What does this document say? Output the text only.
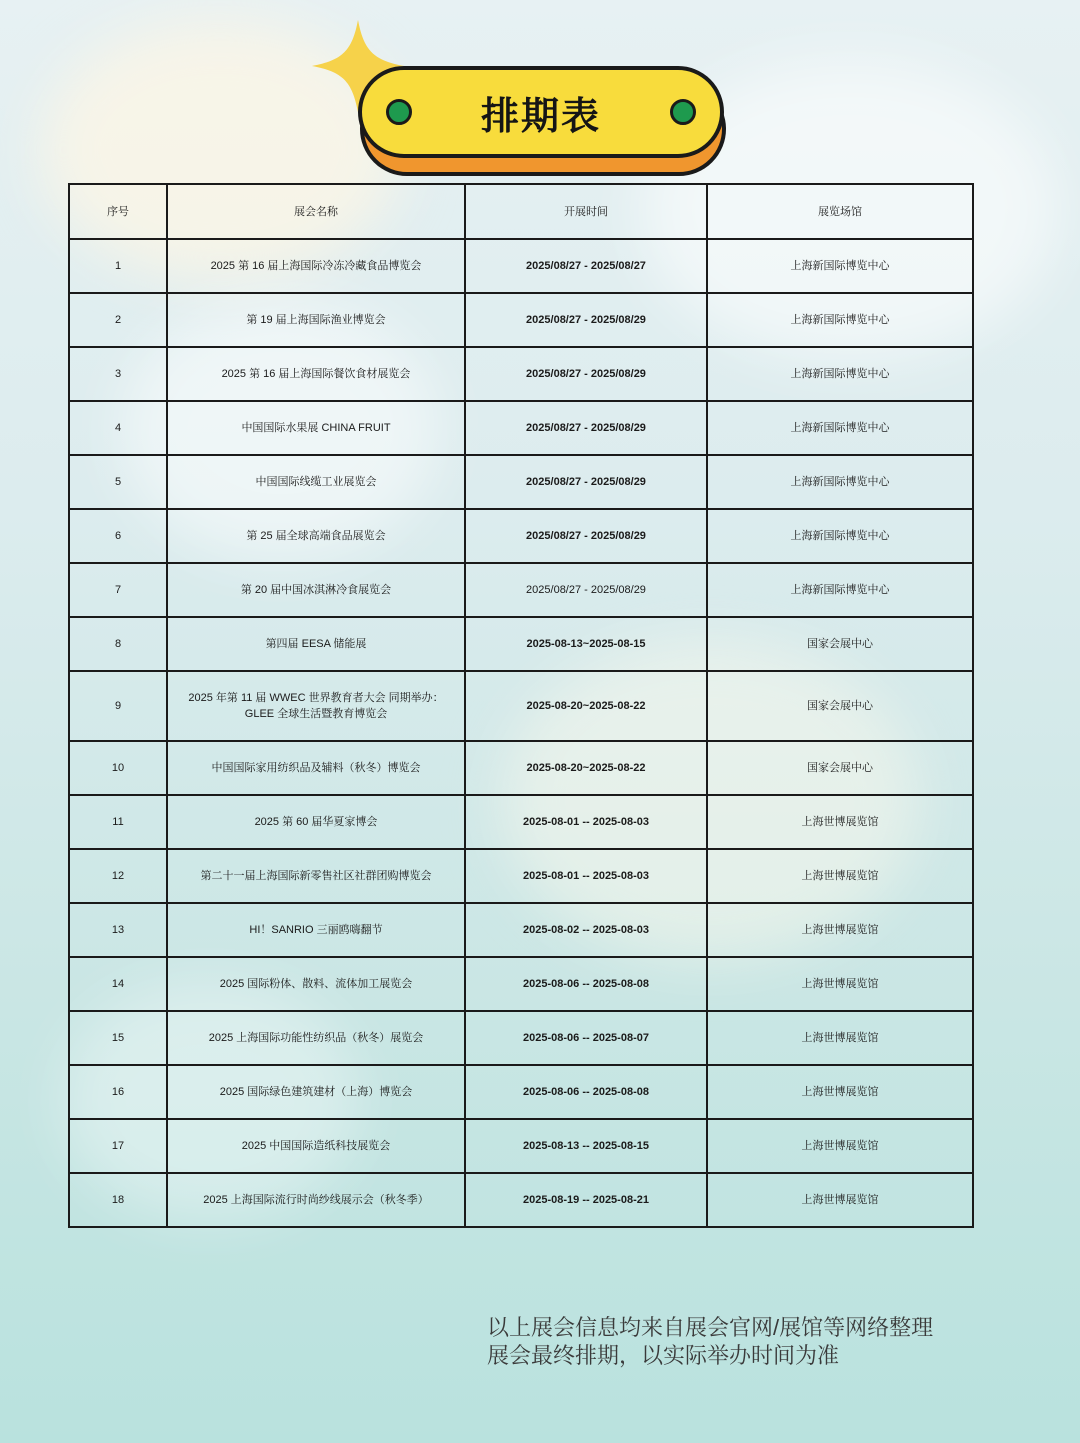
排期表
序号	展会名称	开展时间	展览场馆
1	2025 第 16 届上海国际冷冻冷藏食品博览会	2025/08/27 - 2025/08/27	上海新国际博览中心
2	第 19 届上海国际渔业博览会	2025/08/27 - 2025/08/29	上海新国际博览中心
3	2025 第 16 届上海国际餐饮食材展览会	2025/08/27 - 2025/08/29	上海新国际博览中心
4	中国国际水果展 CHINA FRUIT	2025/08/27 - 2025/08/29	上海新国际博览中心
5	中国国际线缆工业展览会	2025/08/27 - 2025/08/29	上海新国际博览中心
6	第 25 届全球高端食品展览会	2025/08/27 - 2025/08/29	上海新国际博览中心
7	第 20 届中国冰淇淋冷食展览会	2025/08/27 - 2025/08/29	上海新国际博览中心
8	第四届 EESA 储能展	2025-08-13~2025-08-15	国家会展中心
9	2025 年第 11 届 WWEC 世界教育者大会 同期举办：GLEE 全球生活暨教育博览会	2025-08-20~2025-08-22	国家会展中心
10	中国国际家用纺织品及辅料（秋冬）博览会	2025-08-20~2025-08-22	国家会展中心
11	2025 第 60 届华夏家博会	2025-08-01 -- 2025-08-03	上海世博展览馆
12	第二十一届上海国际新零售社区社群团购博览会	2025-08-01 -- 2025-08-03	上海世博展览馆
13	HI！SANRIO 三丽鸥嗨翻节	2025-08-02 -- 2025-08-03	上海世博展览馆
14	2025 国际粉体、散料、流体加工展览会	2025-08-06 -- 2025-08-08	上海世博展览馆
15	2025 上海国际功能性纺织品（秋冬）展览会	2025-08-06 -- 2025-08-07	上海世博展览馆
16	2025 国际绿色建筑建材（上海）博览会	2025-08-06 -- 2025-08-08	上海世博展览馆
17	2025 中国国际造纸科技展览会	2025-08-13 -- 2025-08-15	上海世博展览馆
18	2025 上海国际流行时尚纱线展示会（秋冬季）	2025-08-19 -- 2025-08-21	上海世博展览馆
以上展会信息均来自展会官网/展馆等网络整理
展会最终排期，以实际举办时间为准
